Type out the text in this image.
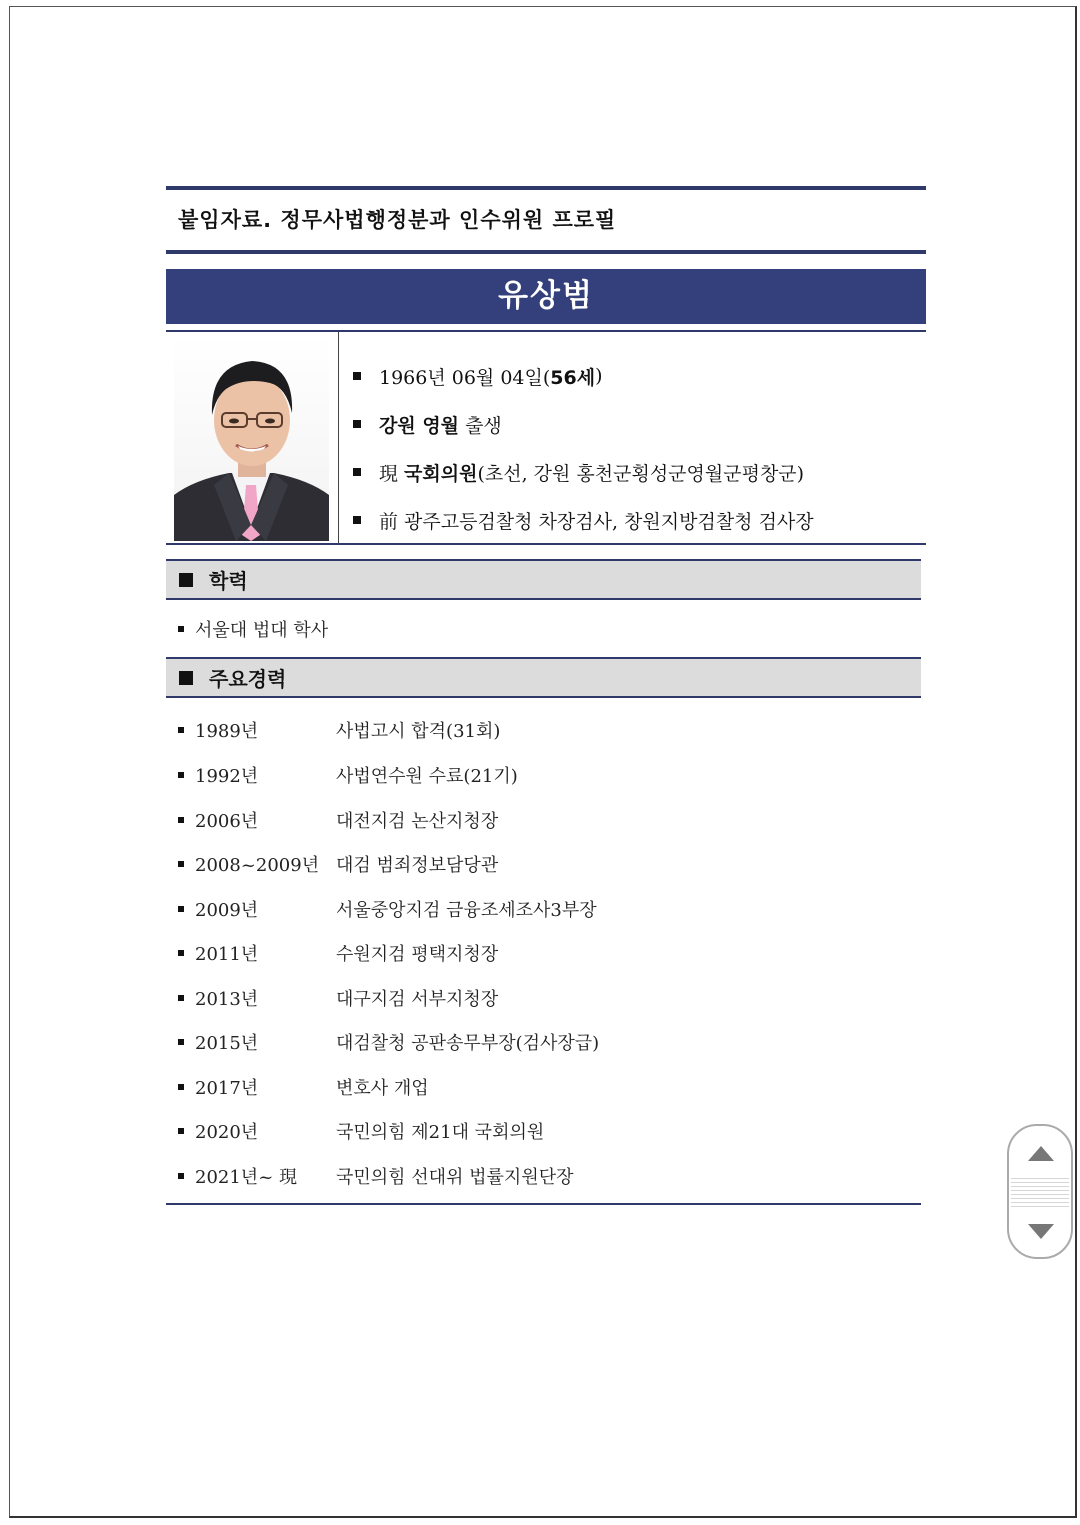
붙임자료. 정무사법행정분과 인수위원 프로필
유상범
1966년 06월 04일( 56세 )
강원 영월 출생
現 국회의원 (초선, 강원 홍천군횡성군영월군평창군)
前 광주고등검찰청 차장검사, 창원지방검찰청 검사장
학력
서울대 법대 학사
주요경력
1989년	사법고시 합격(31회)
1992년	사법연수원 수료(21기)
2006년	대전지검 논산지청장
2008~2009년 대검 범죄정보담당관
2009년	서울중앙지검 금융조세조사3부장
2011년	수원지검 평택지청장
2013년	대구지검 서부지청장
2015년	대검찰청 공판송무부장(검사장급)
2017년	변호사 개업
2020년	국민의힘 제21대 국회의원
2021년~ 現	국민의힘 선대위 법률지원단장
